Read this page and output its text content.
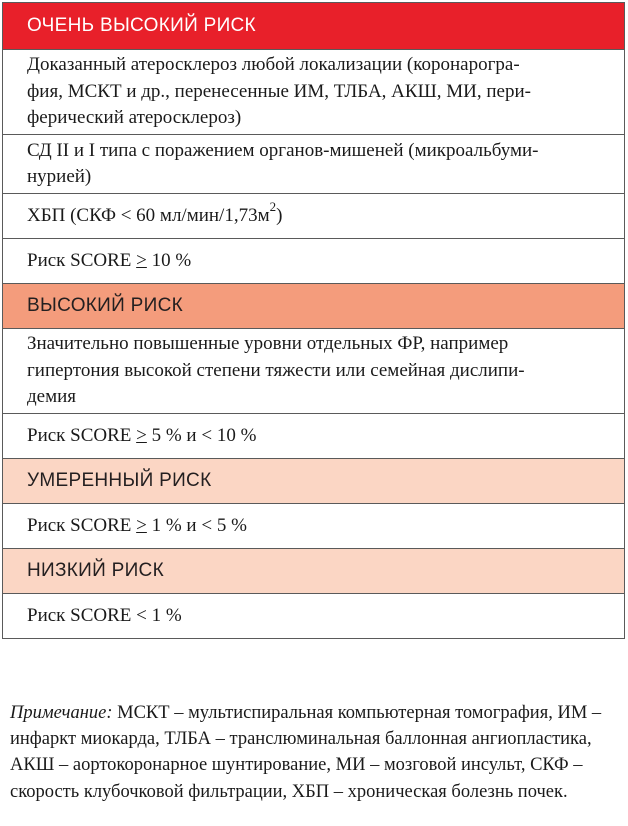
ОЧЕНЬ ВЫСОКИЙ РИСК
Доказанный атеросклероз любой локализации (коронарогра-
фия, МСКТ и др., перенесенные ИМ, ТЛБА, АКШ, МИ, пери-
ферический атеросклероз)
СД II и I типа с поражением органов-мишеней (микроальбуми-
нурией)
ХБП (СКФ < 60 $мл/мин/1,73м^2$)
Риск SCORE > 10 %
ВЫСОКИЙ РИСК
Значительно повышенные уровни отдельных ФР, например
гипертония высокой степени тяжести или семейная дислипи-
демия
Риск SCORE > 5 % и < 10 %
УМЕРЕННЫЙ РИСК
Риск SCORE > 1 % и < 5 %
НИЗКИЙ РИСК
Риск SCORE < 1 %

Примечание: МСКТ – мультиспиральная компьютерная томография, ИМ – инфаркт миокарда, ТЛБА – транслюминальная баллонная ангиопластика, АКШ – аортокоронарное шунтирование, МИ – мозговой инсульт, СКФ – скорость клубочковой фильтрации, ХБП – хроническая болезнь почек.
